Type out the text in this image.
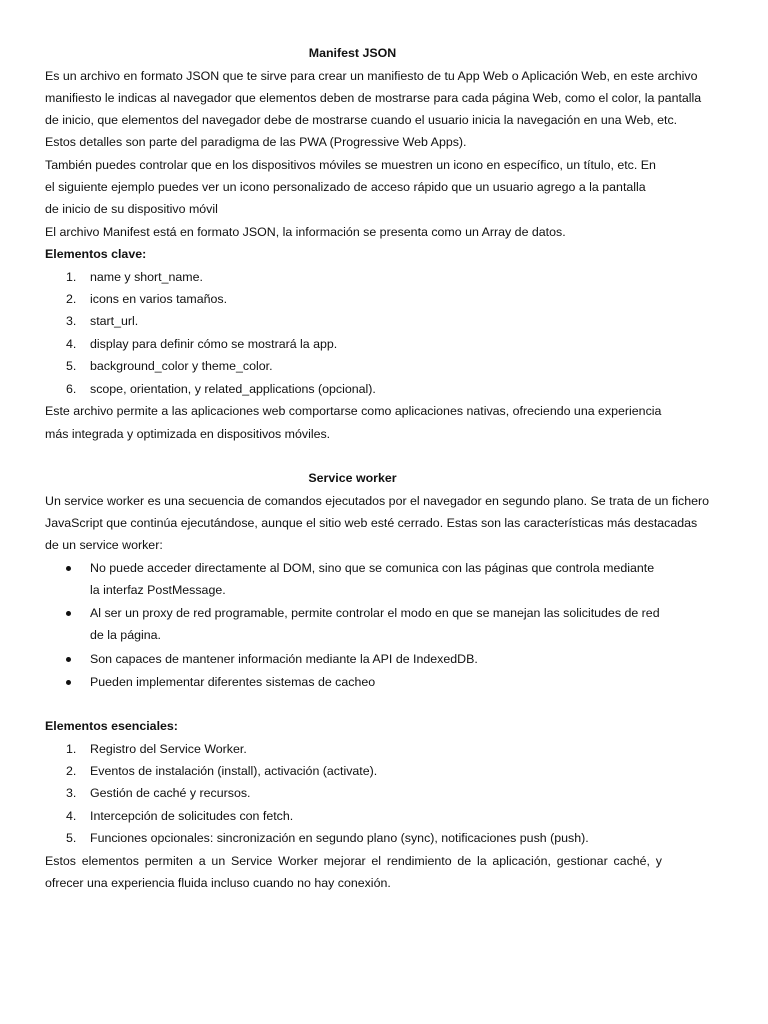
Manifest JSON
Es un archivo en formato JSON que te sirve para crear un manifiesto de tu App Web o Aplicación Web, en este archivo
manifiesto le indicas al navegador que elementos deben de mostrarse para cada página Web, como el color, la pantalla
de inicio, que elementos del navegador debe de mostrarse cuando el usuario inicia la navegación en una Web, etc.
Estos detalles son parte del paradigma de las PWA (Progressive Web Apps).
También puedes controlar que en los dispositivos móviles se muestren un icono en específico, un título, etc. En
el siguiente ejemplo puedes ver un icono personalizado de acceso rápido que un usuario agrego a la pantalla
de inicio de su dispositivo móvil
El archivo Manifest está en formato JSON, la información se presenta como un Array de datos.
Elementos clave:
1. name y short_name.
2. icons en varios tamaños.
3. start_url.
4. display para definir cómo se mostrará la app.
5. background_color y theme_color.
6. scope, orientation, y related_applications (opcional).
Este archivo permite a las aplicaciones web comportarse como aplicaciones nativas, ofreciendo una experiencia
más integrada y optimizada en dispositivos móviles.
Service worker
Un service worker es una secuencia de comandos ejecutados por el navegador en segundo plano. Se trata de un fichero
JavaScript que continúa ejecutándose, aunque el sitio web esté cerrado. Estas son las características más destacadas
de un service worker:
No puede acceder directamente al DOM, sino que se comunica con las páginas que controla mediante
la interfaz PostMessage.
Al ser un proxy de red programable, permite controlar el modo en que se manejan las solicitudes de red
de la página.
Son capaces de mantener información mediante la API de IndexedDB.
Pueden implementar diferentes sistemas de cacheo
Elementos esenciales:
1. Registro del Service Worker.
2. Eventos de instalación (install), activación (activate).
3. Gestión de caché y recursos.
4. Intercepción de solicitudes con fetch.
5. Funciones opcionales: sincronización en segundo plano (sync), notificaciones push (push).
Estos elementos permiten a un Service Worker mejorar el rendimiento de la aplicación, gestionar caché, y
ofrecer una experiencia fluida incluso cuando no hay conexión.
